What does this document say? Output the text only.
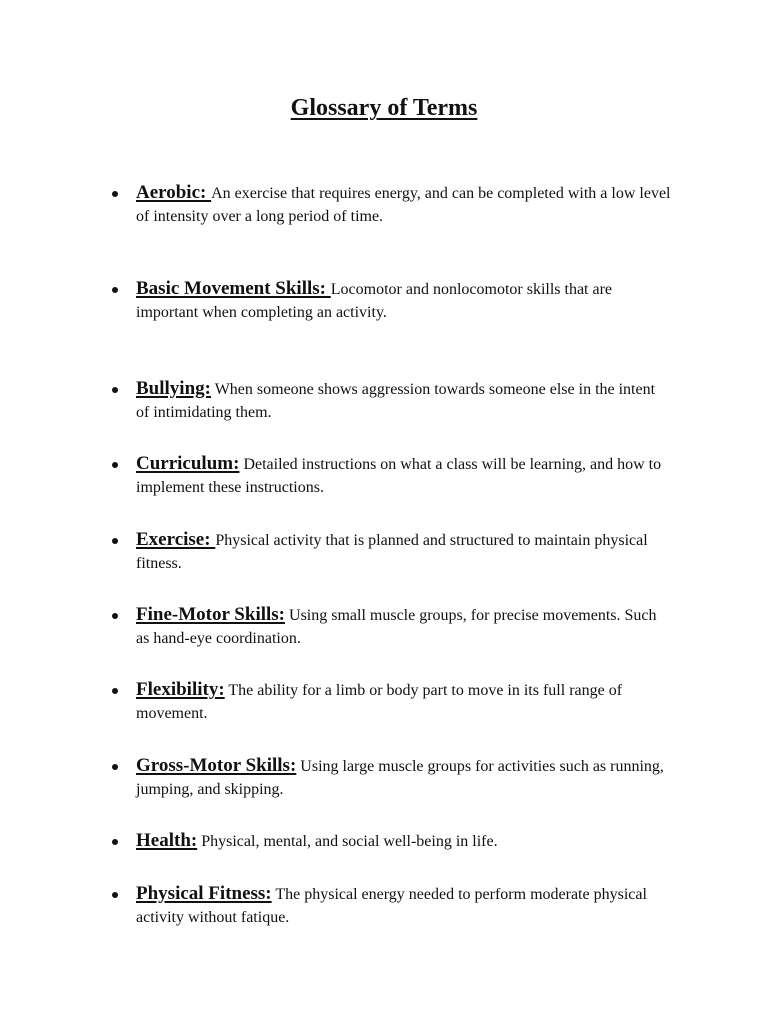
Glossary of Terms
Aerobic: An exercise that requires energy, and can be completed with a low level of intensity over a long period of time.
Basic Movement Skills: Locomotor and nonlocomotor skills that are important when completing an activity.
Bullying: When someone shows aggression towards someone else in the intent of intimidating them.
Curriculum: Detailed instructions on what a class will be learning, and how to implement these instructions.
Exercise: Physical activity that is planned and structured to maintain physical fitness.
Fine-Motor Skills: Using small muscle groups, for precise movements. Such as hand-eye coordination.
Flexibility: The ability for a limb or body part to move in its full range of movement.
Gross-Motor Skills: Using large muscle groups for activities such as running, jumping, and skipping.
Health: Physical, mental, and social well-being in life.
Physical Fitness: The physical energy needed to perform moderate physical activity without fatique.
